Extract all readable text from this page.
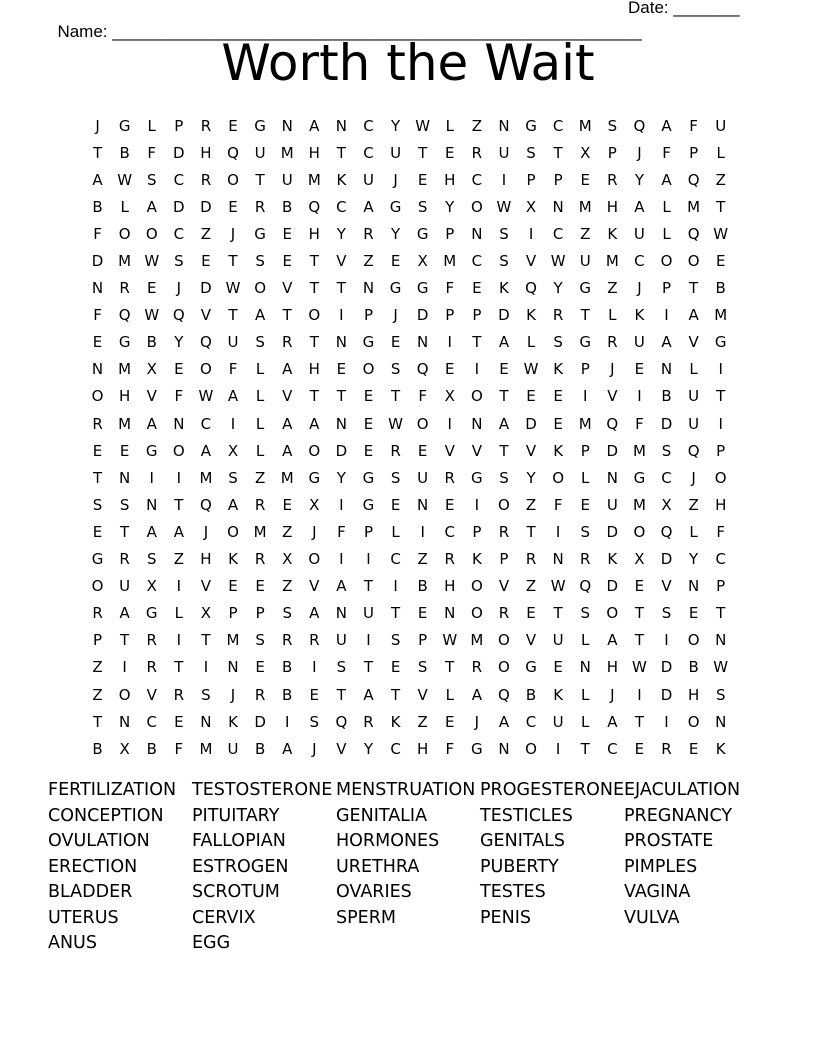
Name: ________________________________________________________

Date: _______

Worth the Wait
J	G	L	P	R	E	G	N	A	N	C	Y	W	L	Z	N	G	C	M	S	Q	A	F	U
T	B	F	D	H	Q	U	M	H	T	C	U	T	E	R	U	S	T	X	P	J	F	P	L
A	W	S	C	R	O	T	U	M	K	U	J	E	H	C	I	P	P	E	R	Y	A	Q	Z
B	L	A	D	D	E	R	B	Q	C	A	G	S	Y	O	W	X	N	M	H	A	L	M	T
F	O	O	C	Z	J	G	E	H	Y	R	Y	G	P	N	S	I	C	Z	K	U	L	Q	W
D	M	W	S	E	T	S	E	T	V	Z	E	X	M	C	S	V	W	U	M	C	O	O	E
N	R	E	J	D	W	O	V	T	T	N	G	G	F	E	K	Q	Y	G	Z	J	P	T	B
F	Q	W	Q	V	T	A	T	O	I	P	J	D	P	P	D	K	R	T	L	K	I	A	M
E	G	B	Y	Q	U	S	R	T	N	G	E	N	I	T	A	L	S	G	R	U	A	V	G
N	M	X	E	O	F	L	A	H	E	O	S	Q	E	I	E	W	K	P	J	E	N	L	I
O	H	V	F	W	A	L	V	T	T	E	T	F	X	O	T	E	E	I	V	I	B	U	T
R	M	A	N	C	I	L	A	A	N	E	W	O	I	N	A	D	E	M	Q	F	D	U	I
E	E	G	O	A	X	L	A	O	D	E	R	E	V	V	T	V	K	P	D	M	S	Q	P
T	N	I	I	M	S	Z	M	G	Y	G	S	U	R	G	S	Y	O	L	N	G	C	J	O
S	S	N	T	Q	A	R	E	X	I	G	E	N	E	I	O	Z	F	E	U	M	X	Z	H
E	T	A	A	J	O	M	Z	J	F	P	L	I	C	P	R	T	I	S	D	O	Q	L	F
G	R	S	Z	H	K	R	X	O	I	I	C	Z	R	K	P	R	N	R	K	X	D	Y	C
O	U	X	I	V	E	E	Z	V	A	T	I	B	H	O	V	Z	W	Q	D	E	V	N	P
R	A	G	L	X	P	P	S	A	N	U	T	E	N	O	R	E	T	S	O	T	S	E	T
P	T	R	I	T	M	S	R	R	U	I	S	P	W	M	O	V	U	L	A	T	I	O	N
Z	I	R	T	I	N	E	B	I	S	T	E	S	T	R	O	G	E	N	H	W	D	B	W
Z	O	V	R	S	J	R	B	E	T	A	T	V	L	A	Q	B	K	L	J	I	D	H	S
T	N	C	E	N	K	D	I	S	Q	R	K	Z	E	J	A	C	U	L	A	T	I	O	N
B	X	B	F	M	U	B	A	J	V	Y	C	H	F	G	N	O	I	T	C	E	R	E	K
FERTILIZATION TESTOSTERONE MENSTRUATION PROGESTERONE EJACULATION
CONCEPTION	PITUITARY	GENITALIA	TESTICLES	PREGNANCY
OVULATION	FALLOPIAN	HORMONES	GENITALS	PROSTATE
ERECTION	ESTROGEN	URETHRA	PUBERTY	PIMPLES
BLADDER	SCROTUM	OVARIES	TESTES	VAGINA
UTERUS	CERVIX	SPERM	PENIS	VULVA
ANUS	EGG
